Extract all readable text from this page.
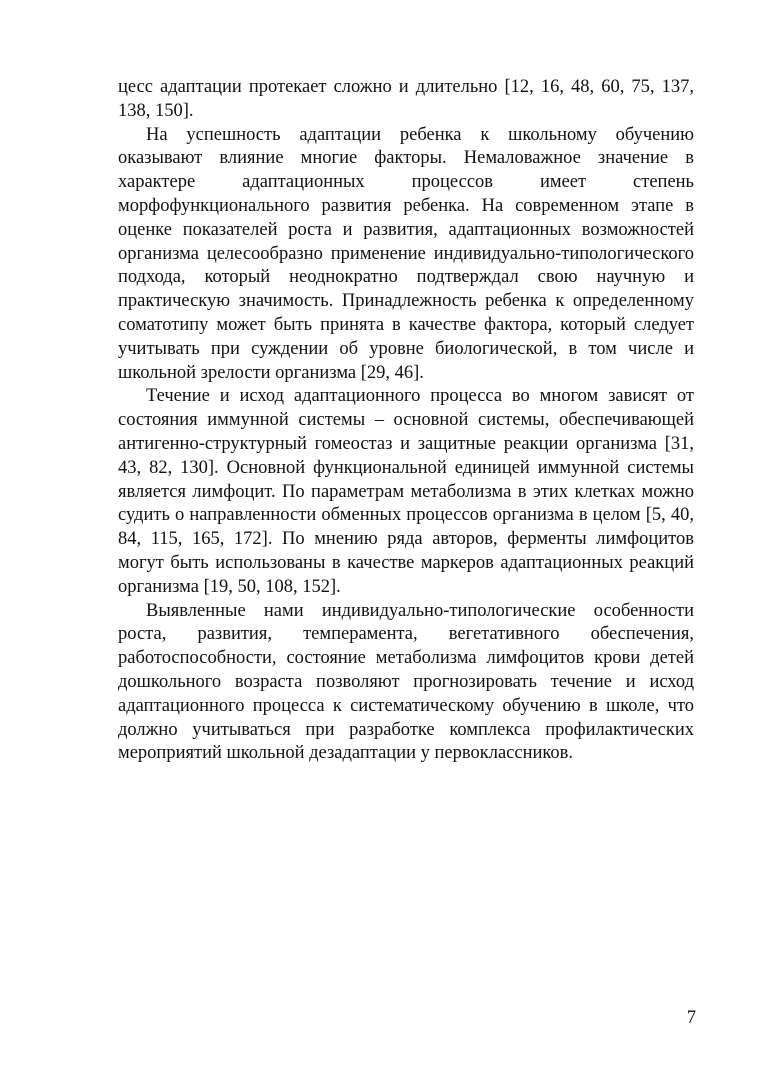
цесс адаптации протекает сложно и длительно [12, 16, 48, 60, 75, 137, 138, 150].

На успешность адаптации ребенка к школьному обучению оказывают влияние многие факторы. Немаловажное значение в характере адаптационных процессов имеет степень морфофункционального развития ребенка. На современном этапе в оценке показателей роста и развития, адаптационных возможностей организма целесообразно применение индивидуально-типологического подхода, который неоднократно подтверждал свою научную и практическую значимость. Принадлежность ребенка к определенному соматотипу может быть принята в качестве фактора, который следует учитывать при суждении об уровне биологической, в том числе и школьной зрелости организма [29, 46].

Течение и исход адаптационного процесса во многом зависят от состояния иммунной системы – основной системы, обеспечивающей антигенно-структурный гомеостаз и защитные реакции организма [31, 43, 82, 130]. Основной функциональной единицей иммунной системы является лимфоцит. По параметрам метаболизма в этих клетках можно судить о направленности обменных процессов организма в целом [5, 40, 84, 115, 165, 172]. По мнению ряда авторов, ферменты лимфоцитов могут быть использованы в качестве маркеров адаптационных реакций организма [19, 50, 108, 152].

Выявленные нами индивидуально-типологические особенности роста, развития, темперамента, вегетативного обеспечения, работоспособности, состояние метаболизма лимфоцитов крови детей дошкольного возраста позволяют прогнозировать течение и исход адаптационного процесса к систематическому обучению в школе, что должно учитываться при разработке комплекса профилактических мероприятий школьной дезадаптации у первоклассников.

7
